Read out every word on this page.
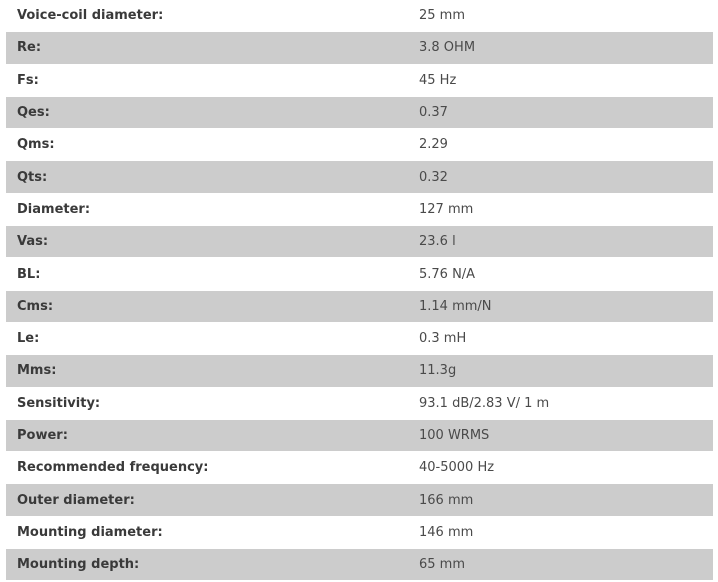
Voice-coil diameter:	25 mm
Re:	3.8 OHM
Fs:	45 Hz
Qes:	0.37
Qms:	2.29
Qts:	0.32
Diameter:	127 mm
Vas:	23.6 l
BL:	5.76 N/A
Cms:	1.14 mm/N
Le:	0.3 mH
Mms:	11.3g
Sensitivity:	93.1 dB/2.83 V/ 1 m
Power:	100 WRMS
Recommended frequency:	40-5000 Hz
Outer diameter:	166 mm
Mounting diameter:	146 mm
Mounting depth:	65 mm
